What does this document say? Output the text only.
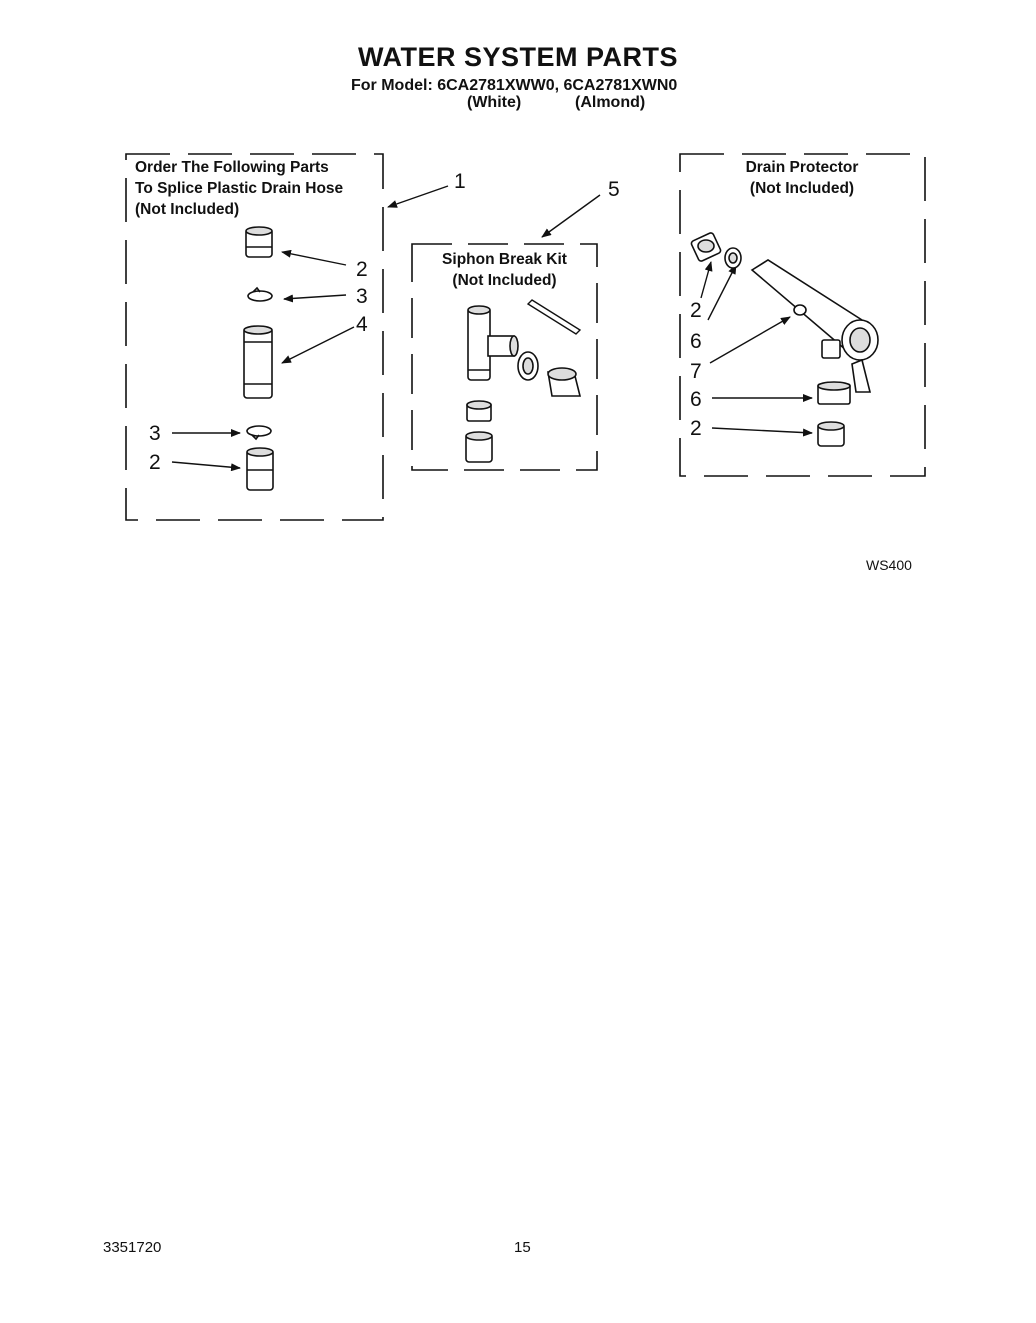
WATER SYSTEM PARTS
For Model: 6CA2781XWW0, 6CA2781XWN0
(White)	(Almond)
Order The Following Parts
To Splice Plastic Drain Hose
(Not Included)
Siphon Break Kit
(Not Included)
Drain Protector
(Not Included)
1	5
2
3
4
3
2
2
6
7
6
2
WS400
3351720	15
